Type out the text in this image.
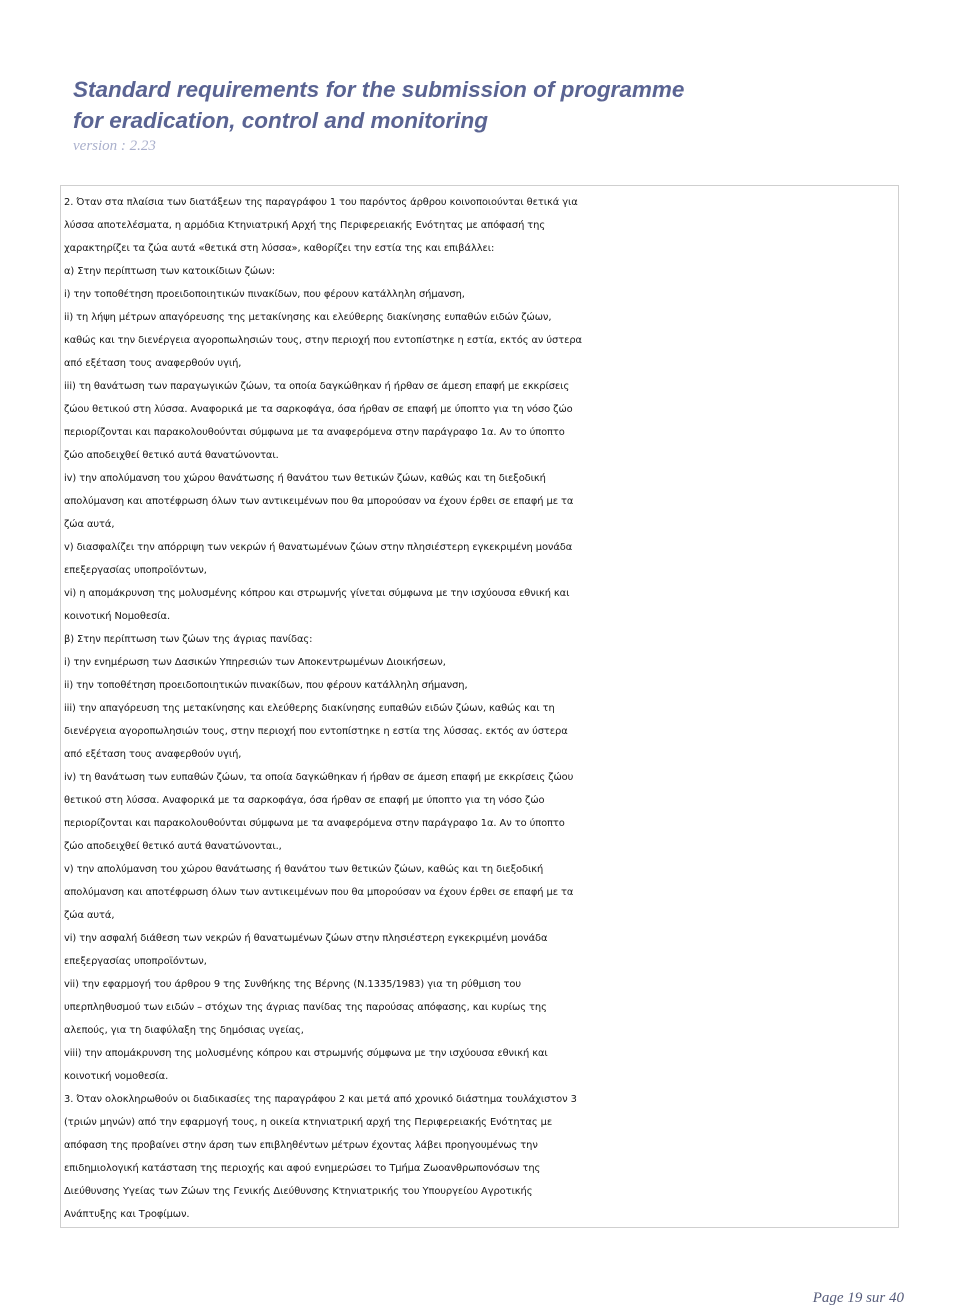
Standard requirements for the submission of programme
for eradication, control and monitoring
version : 2.23
2. Όταν στα πλαίσια των διατάξεων της παραγράφου 1 του παρόντος άρθρου κοινοποιούνται θετικά για
λύσσα αποτελέσματα, η αρμόδια Κτηνιατρική Αρχή της Περιφερειακής Ενότητας με απόφασή της
χαρακτηρίζει τα ζώα αυτά «θετικά στη λύσσα», καθορίζει την εστία της και επιβάλλει:
α) Στην περίπτωση των κατοικίδιων ζώων:
i) την τοποθέτηση προειδοποιητικών πινακίδων, που φέρουν κατάλληλη σήμανση,
ii) τη λήψη μέτρων απαγόρευσης της μετακίνησης και ελεύθερης διακίνησης ευπαθών ειδών ζώων,
καθώς και την διενέργεια αγοροπωλησιών τους, στην περιοχή που εντοπίστηκε η εστία, εκτός αν ύστερα
από εξέταση τους αναφερθούν υγιή,
iii) τη θανάτωση των παραγωγικών ζώων, τα οποία δαγκώθηκαν ή ήρθαν σε άμεση επαφή με εκκρίσεις
ζώου θετικού στη λύσσα. Αναφορικά με τα σαρκοφάγα, όσα ήρθαν σε επαφή με ύποπτο για τη νόσο ζώο
περιορίζονται και παρακολουθούνται σύμφωνα με τα αναφερόμενα στην παράγραφο 1α. Αν το ύποπτο
ζώο αποδειχθεί θετικό αυτά θανατώνονται.
iv) την απολύμανση του χώρου θανάτωσης ή θανάτου των θετικών ζώων, καθώς και τη διεξοδική
απολύμανση και αποτέφρωση όλων των αντικειμένων που θα μπορούσαν να έχουν έρθει σε επαφή με τα
ζώα αυτά,
v) διασφαλίζει την απόρριψη των νεκρών ή θανατωμένων ζώων στην πλησιέστερη εγκεκριμένη μονάδα
επεξεργασίας υποπροϊόντων,
vi) η απομάκρυνση της μολυσμένης κόπρου και στρωμνής γίνεται σύμφωνα με την ισχύουσα εθνική και
κοινοτική Νομοθεσία.
β) Στην περίπτωση των ζώων της άγριας πανίδας:
i) την ενημέρωση των Δασικών Υπηρεσιών των Αποκεντρωμένων Διοικήσεων,
ii) την τοποθέτηση προειδοποιητικών πινακίδων, που φέρουν κατάλληλη σήμανση,
iii) την απαγόρευση της μετακίνησης και ελεύθερης διακίνησης ευπαθών ειδών ζώων, καθώς και τη
διενέργεια αγοροπωλησιών τους, στην περιοχή που εντοπίστηκε η εστία της λύσσας. εκτός αν ύστερα
από εξέταση τους αναφερθούν υγιή,
iv) τη θανάτωση των ευπαθών ζώων, τα οποία δαγκώθηκαν ή ήρθαν σε άμεση επαφή με εκκρίσεις ζώου
θετικού στη λύσσα. Αναφορικά με τα σαρκοφάγα, όσα ήρθαν σε επαφή με ύποπτο για τη νόσο ζώο
περιορίζονται και παρακολουθούνται σύμφωνα με τα αναφερόμενα στην παράγραφο 1α. Αν το ύποπτο
ζώο αποδειχθεί θετικό αυτά θανατώνονται.,
v) την απολύμανση του χώρου θανάτωσης ή θανάτου των θετικών ζώων, καθώς και τη διεξοδική
απολύμανση και αποτέφρωση όλων των αντικειμένων που θα μπορούσαν να έχουν έρθει σε επαφή με τα
ζώα αυτά,
vi) την ασφαλή διάθεση των νεκρών ή θανατωμένων ζώων στην πλησιέστερη εγκεκριμένη μονάδα
επεξεργασίας υποπροϊόντων,
vii) την εφαρμογή του άρθρου 9 της Συνθήκης της Βέρνης (Ν.1335/1983) για τη ρύθμιση του
υπερπληθυσμού των ειδών – στόχων της άγριας πανίδας της παρούσας απόφασης, και κυρίως της
αλεπούς, για τη διαφύλαξη της δημόσιας υγείας,
viii) την απομάκρυνση της μολυσμένης κόπρου και στρωμνής σύμφωνα με την ισχύουσα εθνική και
κοινοτική νομοθεσία.
3. Όταν ολοκληρωθούν οι διαδικασίες της παραγράφου 2 και μετά από χρονικό διάστημα τουλάχιστον 3
(τριών μηνών) από την εφαρμογή τους, η οικεία κτηνιατρική αρχή της Περιφερειακής Ενότητας με
απόφαση της προβαίνει στην άρση των επιβληθέντων μέτρων έχοντας λάβει προηγουμένως την
επιδημιολογική κατάσταση της περιοχής και αφού ενημερώσει το Τμήμα Ζωοανθρωπονόσων της
Διεύθυνσης Υγείας των Ζώων της Γενικής Διεύθυνσης Κτηνιατρικής του Υπουργείου Αγροτικής
Ανάπτυξης και Τροφίμων.
Page 19 sur 40
